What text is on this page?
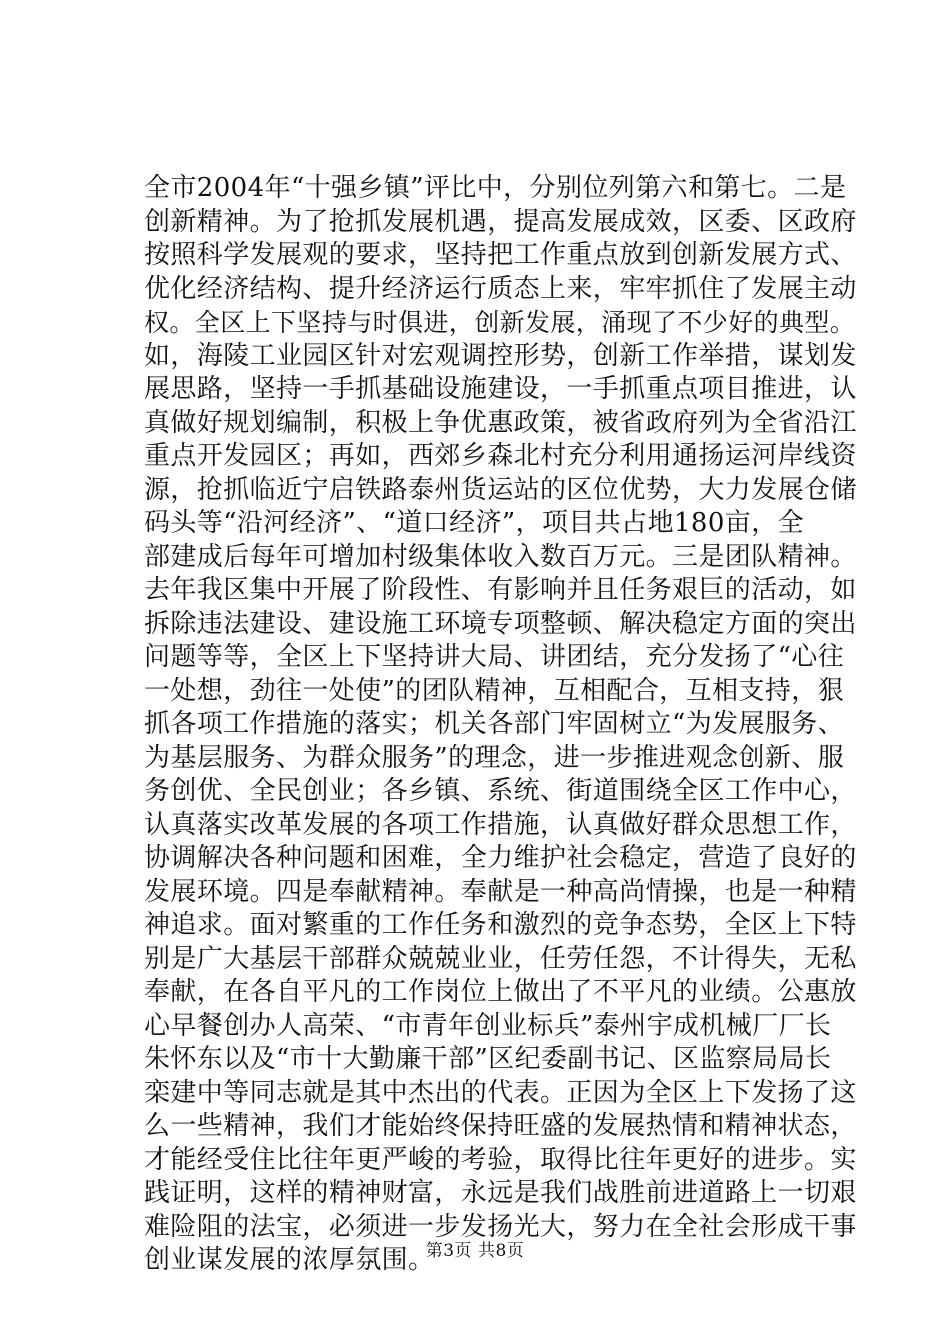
全市2004年“十强乡镇”评比中，分别位列第六和第七。二是
创新精神。为了抢抓发展机遇，提高发展成效，区委、区政府
按照科学发展观的要求，坚持把工作重点放到创新发展方式、
优化经济结构、提升经济运行质态上来，牢牢抓住了发展主动
权。全区上下坚持与时俱进，创新发展，涌现了不少好的典型。
如，海陵工业园区针对宏观调控形势，创新工作举措，谋划发
展思路，坚持一手抓基础设施建设，一手抓重点项目推进，认
真做好规划编制，积极上争优惠政策，被省政府列为全省沿江
重点开发园区；再如，西郊乡森北村充分利用通扬运河岸线资
源，抢抓临近宁启铁路泰州货运站的区位优势，大力发展仓储
码头等“沿河经济”、“道口经济”，项目共占地180亩，全
部建成后每年可增加村级集体收入数百万元。三是团队精神。
去年我区集中开展了阶段性、有影响并且任务艰巨的活动，如
拆除违法建设、建设施工环境专项整顿、解决稳定方面的突出
问题等等，全区上下坚持讲大局、讲团结，充分发扬了“心往
一处想，劲往一处使”的团队精神，互相配合，互相支持，狠
抓各项工作措施的落实；机关各部门牢固树立“为发展服务、
为基层服务、为群众服务”的理念，进一步推进观念创新、服
务创优、全民创业；各乡镇、系统、街道围绕全区工作中心，
认真落实改革发展的各项工作措施，认真做好群众思想工作，
协调解决各种问题和困难，全力维护社会稳定，营造了良好的
发展环境。四是奉献精神。奉献是一种高尚情操，也是一种精
神追求。面对繁重的工作任务和激烈的竞争态势，全区上下特
别是广大基层干部群众兢兢业业，任劳任怨，不计得失，无私
奉献，在各自平凡的工作岗位上做出了不平凡的业绩。公惠放
心早餐创办人高荣、“市青年创业标兵”泰州宇成机械厂厂长
朱怀东以及“市十大勤廉干部”区纪委副书记、区监察局局长
栾建中等同志就是其中杰出的代表。正因为全区上下发扬了这
么一些精神，我们才能始终保持旺盛的发展热情和精神状态，
才能经受住比往年更严峻的考验，取得比往年更好的进步。实
践证明，这样的精神财富，永远是我们战胜前进道路上一切艰
难险阻的法宝，必须进一步发扬光大，努力在全社会形成干事
创业谋发展的浓厚氛围。
第3页 共8页
